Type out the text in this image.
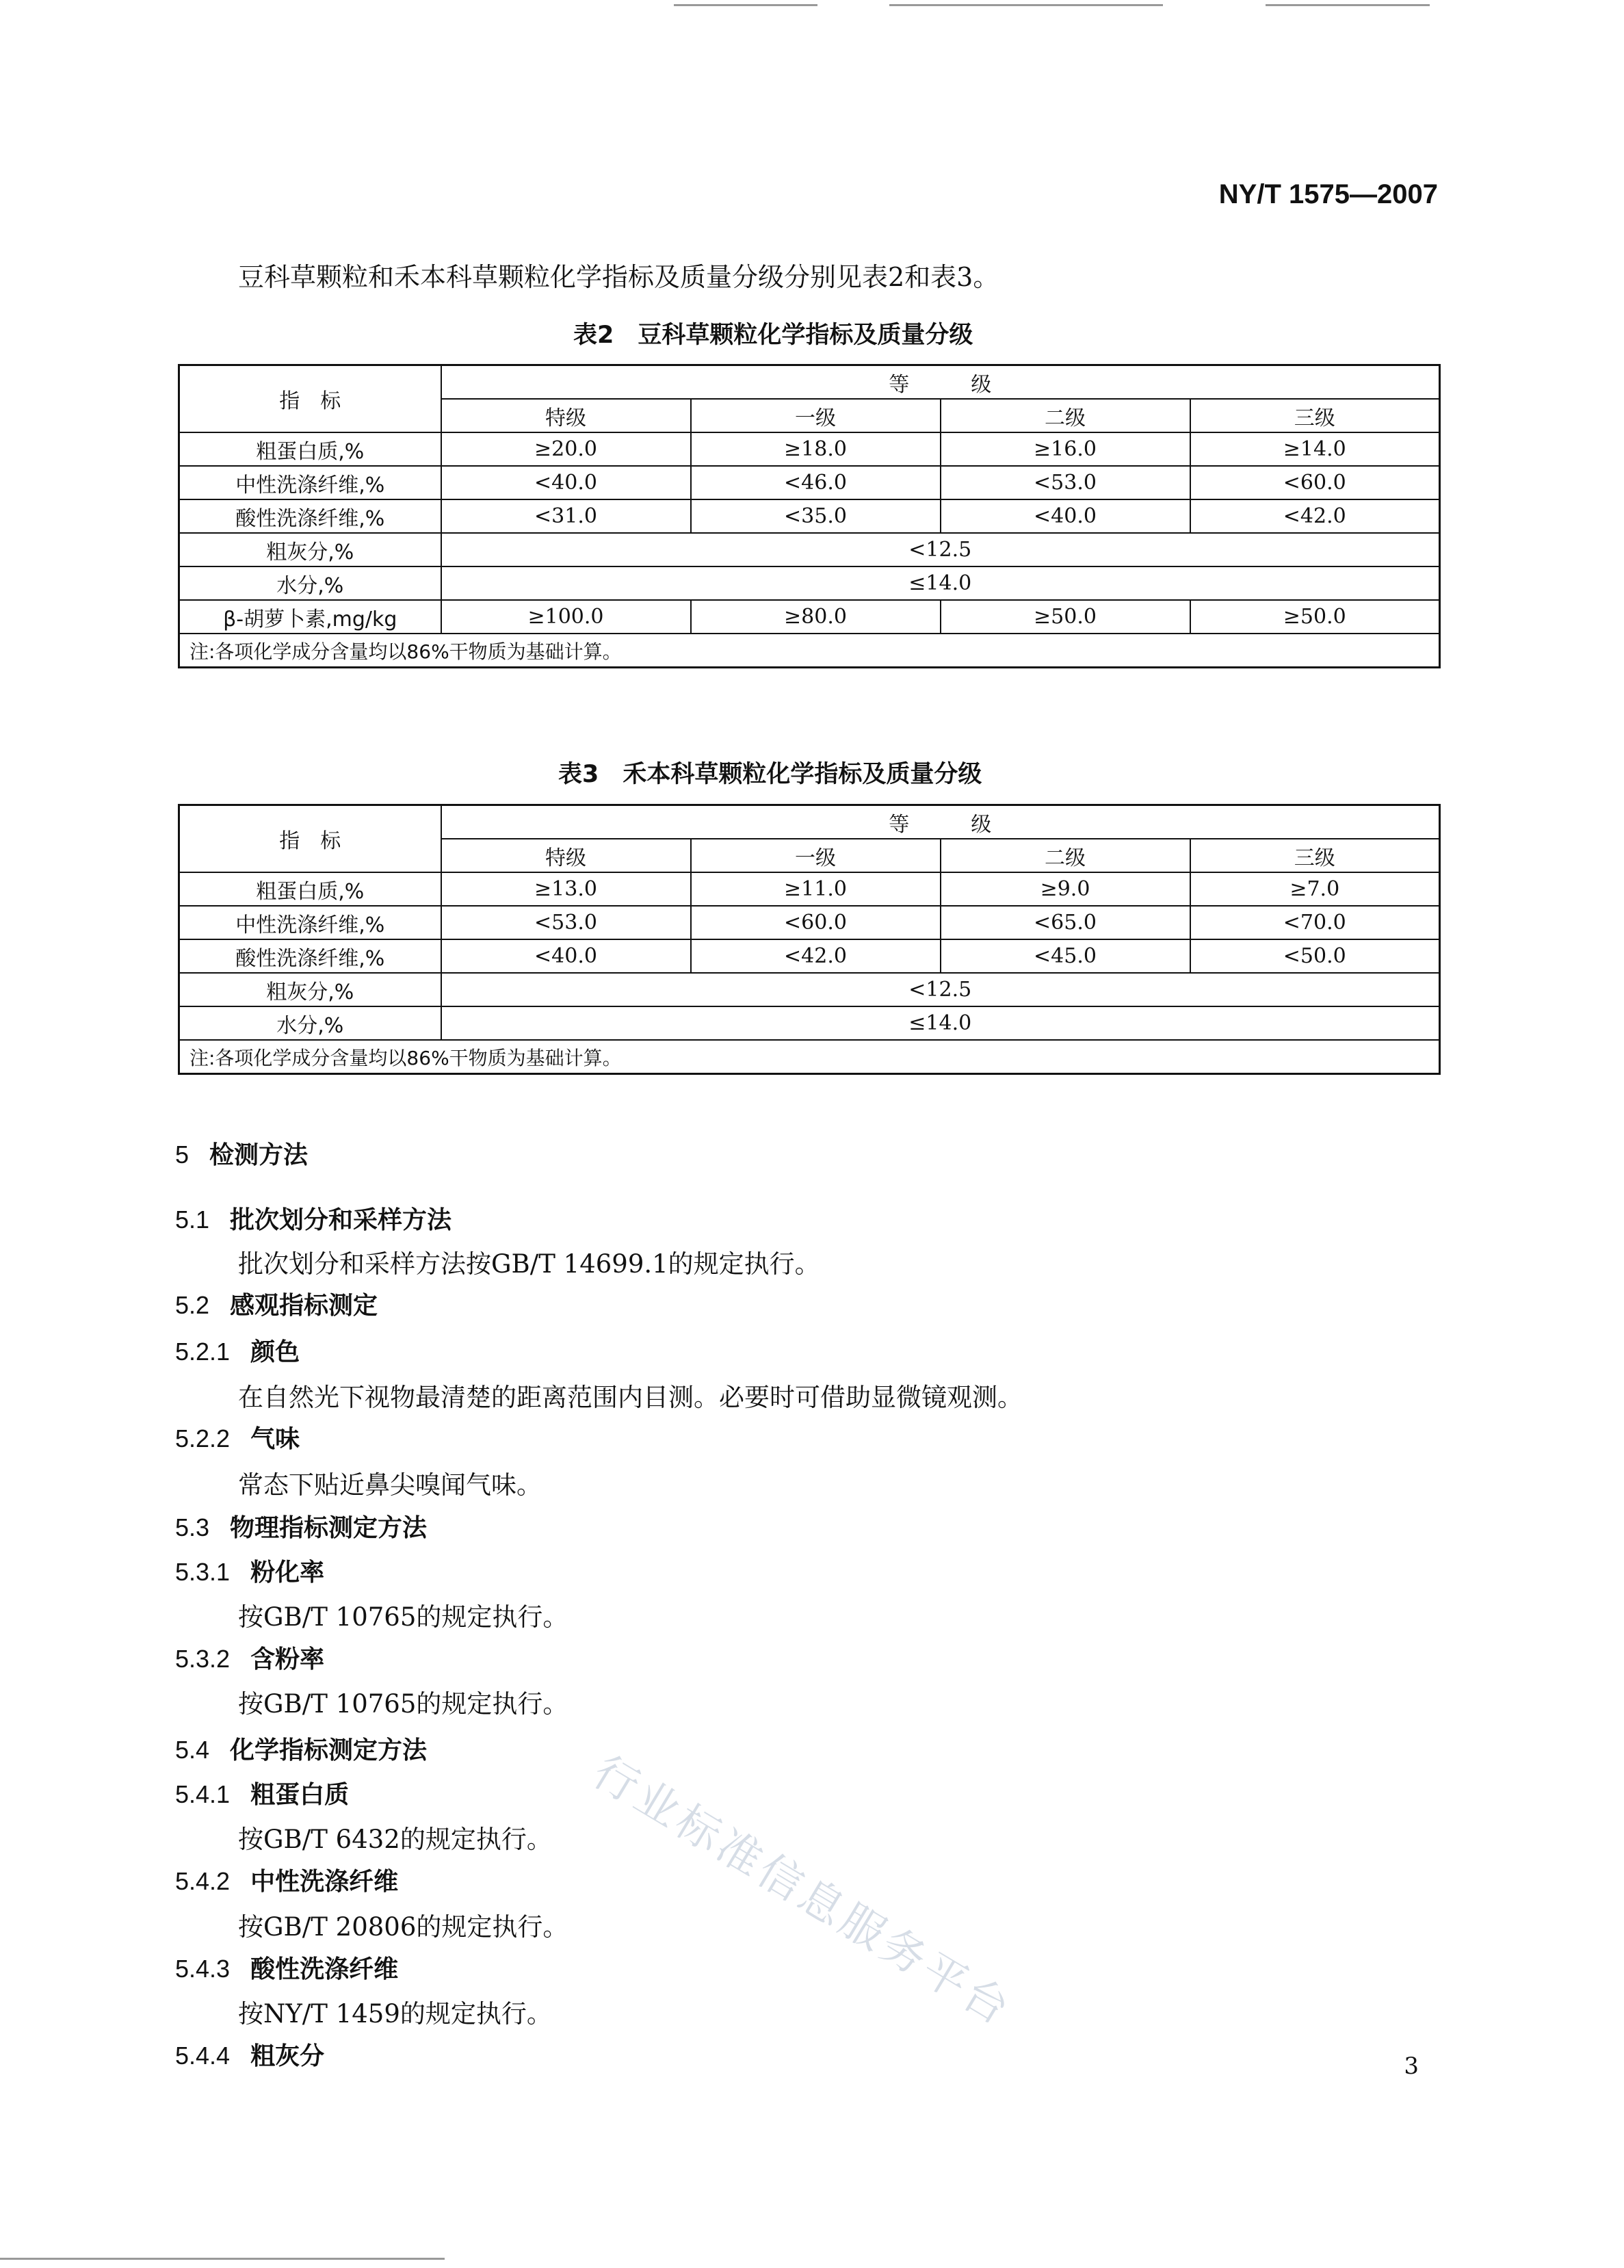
NY/T 1575—2007
豆科草颗粒和禾本科草颗粒化学指标及质量分级分别见表2和表3。
表2　豆科草颗粒化学指标及质量分级
指　标	等　　　级			
	特级	一级	二级	三级
粗蛋白质,%	≥20.0	≥18.0	≥16.0	≥14.0
中性洗涤纤维,%	<40.0	<46.0	<53.0	<60.0
酸性洗涤纤维,%	<31.0	<35.0	<40.0	<42.0
粗灰分,%	<12.5			
水分,%	≤14.0			
β-胡萝卜素,mg/kg	≥100.0	≥80.0	≥50.0	≥50.0
注:各项化学成分含量均以86%干物质为基础计算。				
表3　禾本科草颗粒化学指标及质量分级
指　标	等　　　级			
	特级	一级	二级	三级
粗蛋白质,%	≥13.0	≥11.0	≥9.0	≥7.0
中性洗涤纤维,%	<53.0	<60.0	<65.0	<70.0
酸性洗涤纤维,%	<40.0	<42.0	<45.0	<50.0
粗灰分,%	<12.5			
水分,%	≤14.0			
注:各项化学成分含量均以86%干物质为基础计算。				
5 检测方法
5.1 批次划分和采样方法
批次划分和采样方法按GB/T 14699.1的规定执行。
5.2 感观指标测定
5.2.1 颜色
在自然光下视物最清楚的距离范围内目测。必要时可借助显微镜观测。
5.2.2 气味
常态下贴近鼻尖嗅闻气味。
5.3 物理指标测定方法
5.3.1 粉化率
按GB/T 10765的规定执行。
5.3.2 含粉率
按GB/T 10765的规定执行。
5.4 化学指标测定方法
5.4.1 粗蛋白质
按GB/T 6432的规定执行。
5.4.2 中性洗涤纤维
按GB/T 20806的规定执行。
5.4.3 酸性洗涤纤维
按NY/T 1459的规定执行。
5.4.4 粗灰分
行业标准信息服务平台
3
